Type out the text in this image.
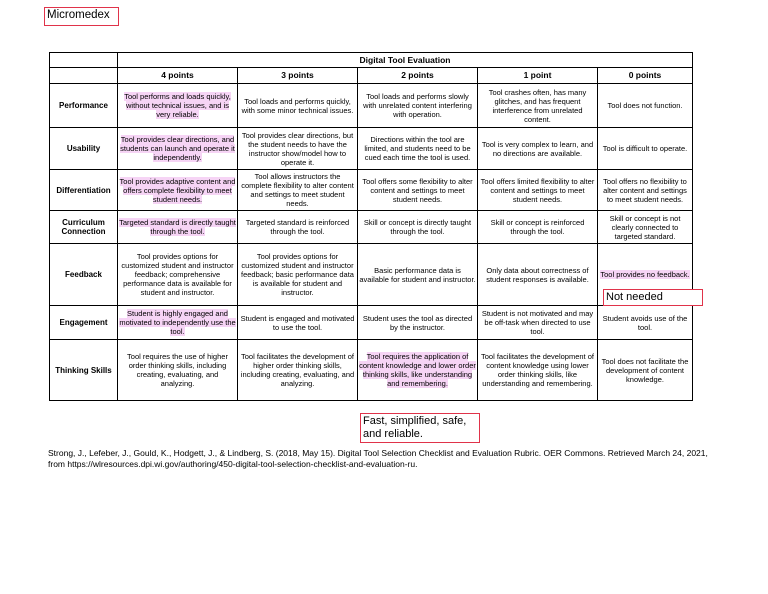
Micromedex
	Digital Tool Evaluation				
	4 points	3 points	2 points	1 point	0 points
Performance	Tool performs and loads quickly, without technical issues, and is very reliable.	Tool loads and performs quickly, with some minor technical issues.	Tool loads and performs slowly with unrelated content interfering with operation.	Tool crashes often, has many glitches, and has frequent interference from unrelated content.	Tool does not function.
Usability	Tool provides clear directions, and students can launch and operate it independently.	Tool provides clear directions, but the student needs to have the instructor show/model how to operate it.	Directions within the tool are limited, and students need to be cued each time the tool is used.	Tool is very complex to learn, and no directions are available.	Tool is difficult to operate.
Differentiation	Tool provides adaptive content and offers complete flexibility to meet student needs.	Tool allows instructors the complete flexibility to alter content and settings to meet student needs.	Tool offers some flexibility to alter content and settings to meet student needs.	Tool offers limited flexibility to alter content and settings to meet student needs.	Tool offers no flexibility to alter content and settings to meet student needs.
Curriculum Connection	Targeted standard is directly taught through the tool.	Targeted standard is reinforced through the tool.	Skill or concept is directly taught through the tool.	Skill or concept is reinforced through the tool.	Skill or concept is not clearly connected to targeted standard.
Feedback	Tool provides options for customized student and instructor feedback; comprehensive performance data is available for student and instructor.	Tool provides options for customized student and instructor feedback; basic performance data is available for student and instructor.	Basic performance data is available for student and instructor.	Only data about correctness of student responses is available.	Tool provides no feedback.
Engagement	Student is highly engaged and motivated to independently use the tool.	Student is engaged and motivated to use the tool.	Student uses the tool as directed by the instructor.	Student is not motivated and may be off-task when directed to use tool.	Student avoids use of the tool.
Thinking Skills	Tool requires the use of higher order thinking skills, including creating, evaluating, and analyzing.	Tool facilitates the development of higher order thinking skills, including creating, evaluating, and analyzing.	Tool requires the application of content knowledge and lower order thinking skills, like understanding and remembering.	Tool facilitates the development of content knowledge using lower order thinking skills, like understanding and remembering.	Tool does not facilitate the development of content knowledge.
Not needed
Fast, simplified, safe, and reliable.
Strong, J., Lefeber, J., Gould, K., Hodgett, J., & Lindberg, S. (2018, May 15). Digital Tool Selection Checklist and Evaluation Rubric. OER Commons. Retrieved March 24, 2021, from https://wlresources.dpi.wi.gov/authoring/450-digital-tool-selection-checklist-and-evaluation-ru.
